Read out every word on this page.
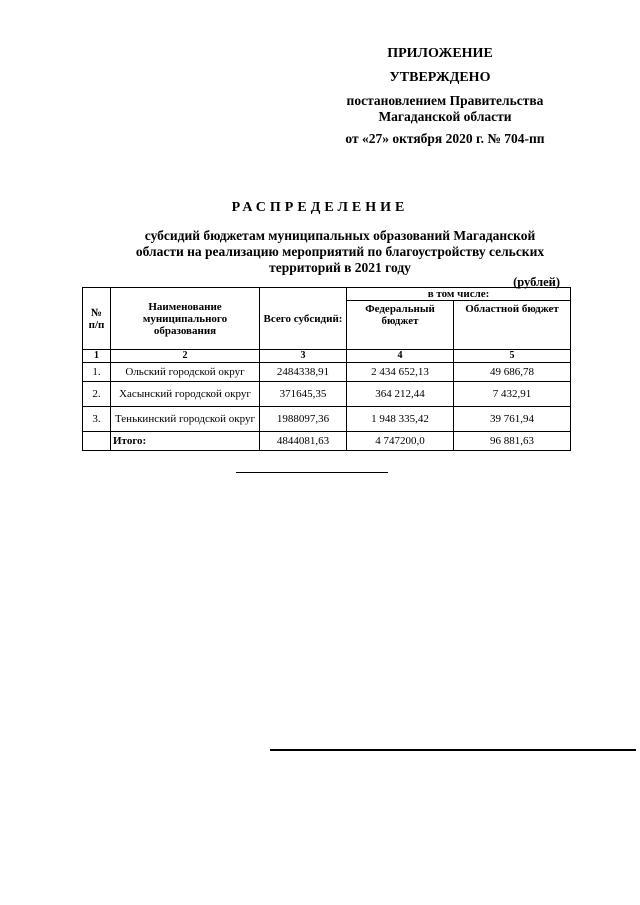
ПРИЛОЖЕНИЕ
УТВЕРЖДЕНО
постановлением Правительства
Магаданской области
от «27» октября 2020 г. № 704-пп
РАСПРЕДЕЛЕНИЕ
субсидий бюджетам муниципальных образований Магаданской
области на реализацию мероприятий по благоустройству сельских
территорий в 2021 году
(рублей)
№ п/п	Наименование муниципального образования	Всего субсидий:	в том числе:	
			Федеральный бюджет	Областной бюджет
1	2	3	4	5
1.	Ольский городской округ	2484338,91	2 434 652,13	49 686,78
2.	Хасынский городской округ	371645,35	364 212,44	7 432,91
3.	Тенькинский городской округ	1988097,36	1 948 335,42	39 761,94
	Итого:	4844081,63	4 747200,0	96 881,63
